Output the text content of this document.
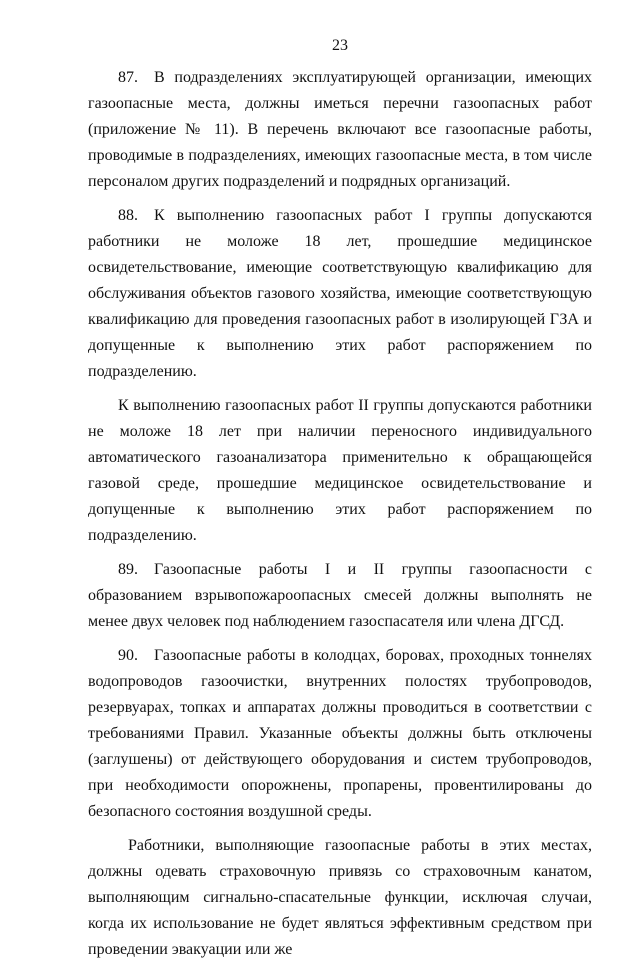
23

87. В подразделениях эксплуатирующей организации, имеющих газоопасные места, должны иметься перечни газоопасных работ (приложение № 11). В перечень включают все газоопасные работы, проводимые в подразделениях, имеющих газоопасные места, в том числе персоналом других подразделений и подрядных организаций.

88. К выполнению газоопасных работ I группы допускаются работники не моложе 18 лет, прошедшие медицинское освидетельствование, имеющие соответствующую квалификацию для обслуживания объектов газового хозяйства, имеющие соответствующую квалификацию для проведения газоопасных работ в изолирующей ГЗА и допущенные к выполнению этих работ распоряжением по подразделению.

К выполнению газоопасных работ II группы допускаются работники не моложе 18 лет при наличии переносного индивидуального автоматического газоанализатора применительно к обращающейся газовой среде, прошедшие медицинское освидетельствование и допущенные к выполнению этих работ распоряжением по подразделению.

89. Газоопасные работы I и II группы газоопасности с образованием взрывопожароопасных смесей должны выполнять не менее двух человек под наблюдением газоспасателя или члена ДГСД.

90. Газоопасные работы в колодцах, боровах, проходных тоннелях водопроводов газоочистки, внутренних полостях трубопроводов, резервуарах, топках и аппаратах должны проводиться в соответствии с требованиями Правил. Указанные объекты должны быть отключены (заглушены) от действующего оборудования и систем трубопроводов, при необходимости опорожнены, пропарены, провентилированы до безопасного состояния воздушной среды.

Работники, выполняющие газоопасные работы в этих местах, должны одевать страховочную привязь со страховочным канатом, выполняющим сигнально-спасательные функции, исключая случаи, когда их использование не будет являться эффективным средством при проведении эвакуации или же
